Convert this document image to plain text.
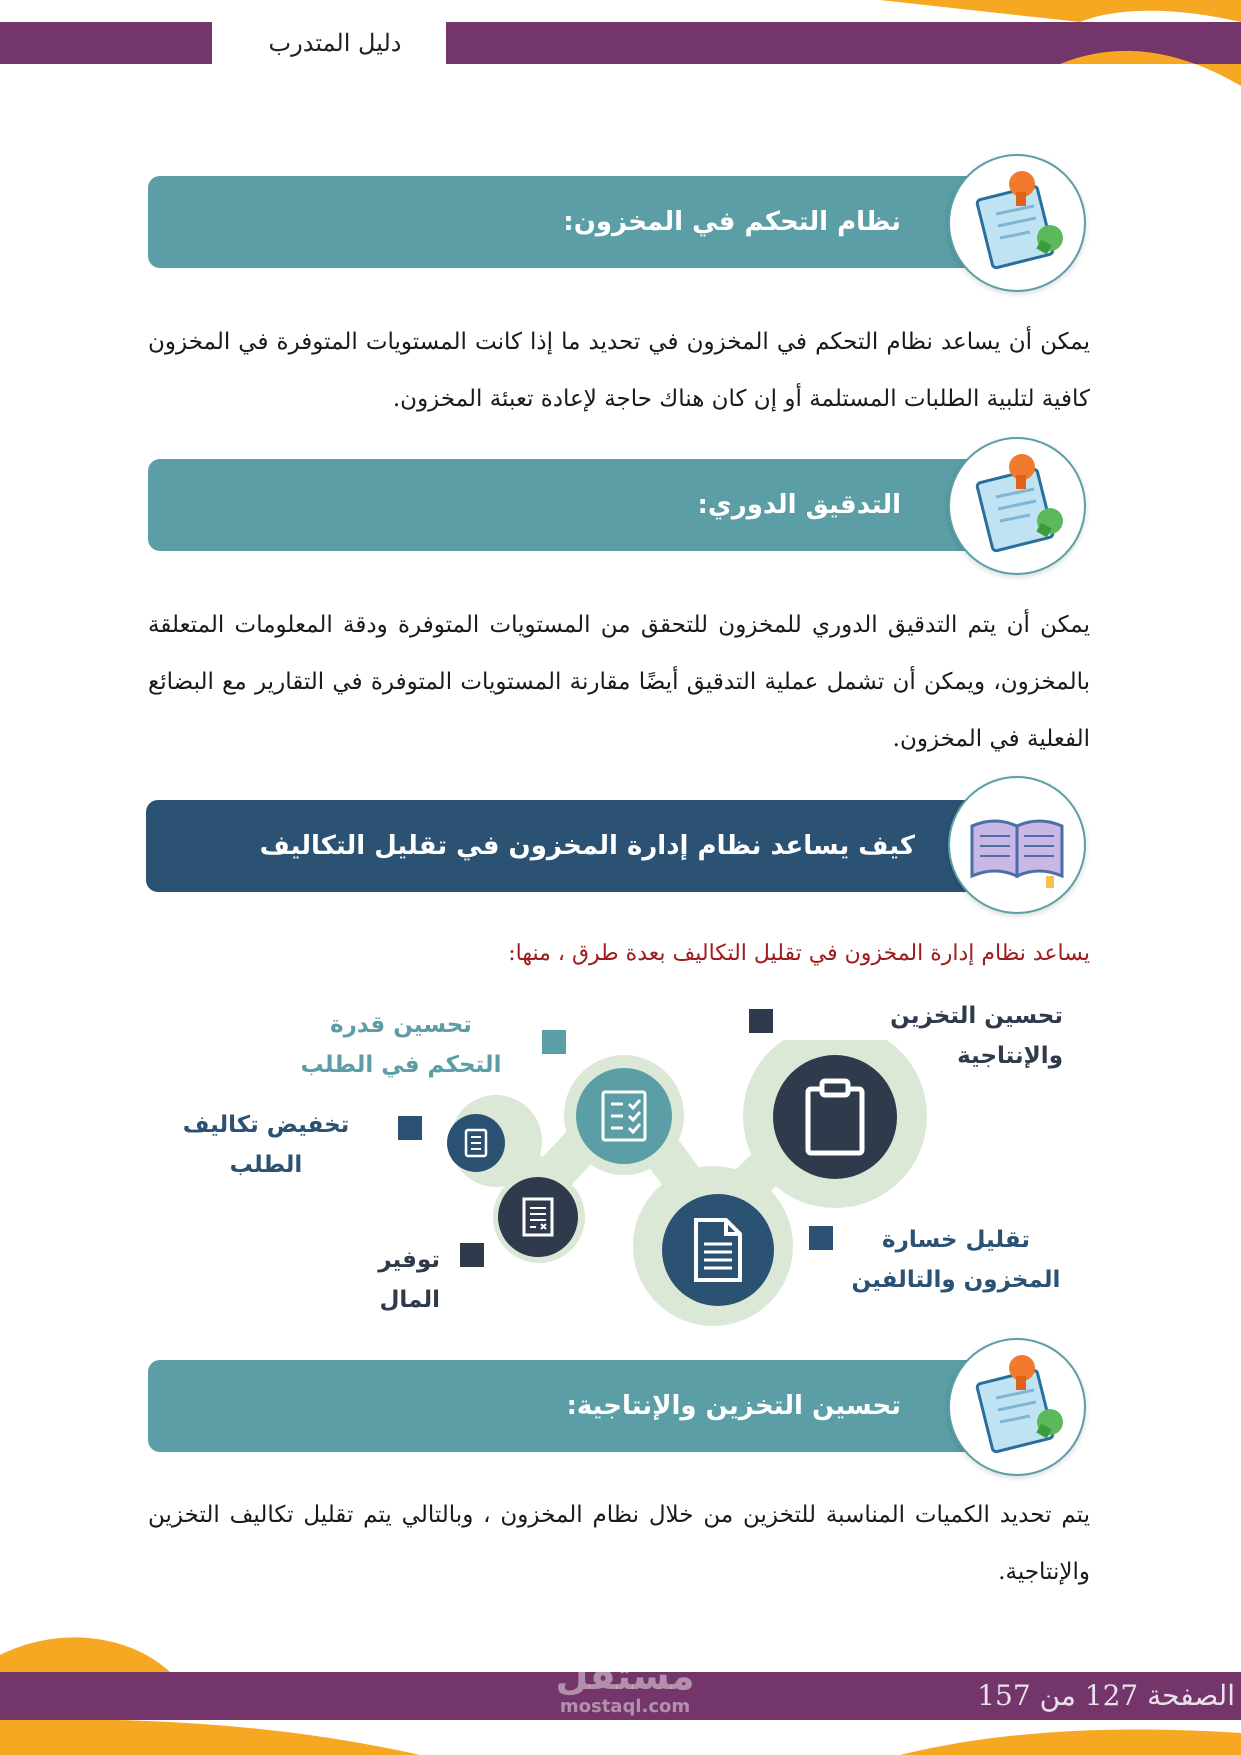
دليل المتدرب
نظام التحكم في المخزون:
يمكن أن يساعد نظام التحكم في المخزون في تحديد ما إذا كانت المستويات المتوفرة في المخزون كافية لتلبية الطلبات المستلمة أو إن كان هناك حاجة لإعادة تعبئة المخزون.
التدقيق الدوري:
يمكن أن يتم التدقيق الدوري للمخزون للتحقق من المستويات المتوفرة ودقة المعلومات المتعلقة بالمخزون، ويمكن أن تشمل عملية التدقيق أيضًا مقارنة المستويات المتوفرة في التقارير مع البضائع الفعلية في المخزون.
كيف يساعد نظام إدارة المخزون في تقليل التكاليف
يساعد نظام إدارة المخزون في تقليل التكاليف بعدة طرق ، منها:
تحسين التخزين والإنتاجية
تحسين قدرة التحكم في الطلب
تخفيض تكاليف الطلب
تقليل خسارة المخزون والتالفين
توفير المال
تحسين التخزين والإنتاجية:
يتم تحديد الكميات المناسبة للتخزين من خلال نظام المخزون ، وبالتالي يتم تقليل تكاليف التخزين والإنتاجية.
الصفحة 127 من 157
مستقل
mostaql.com
